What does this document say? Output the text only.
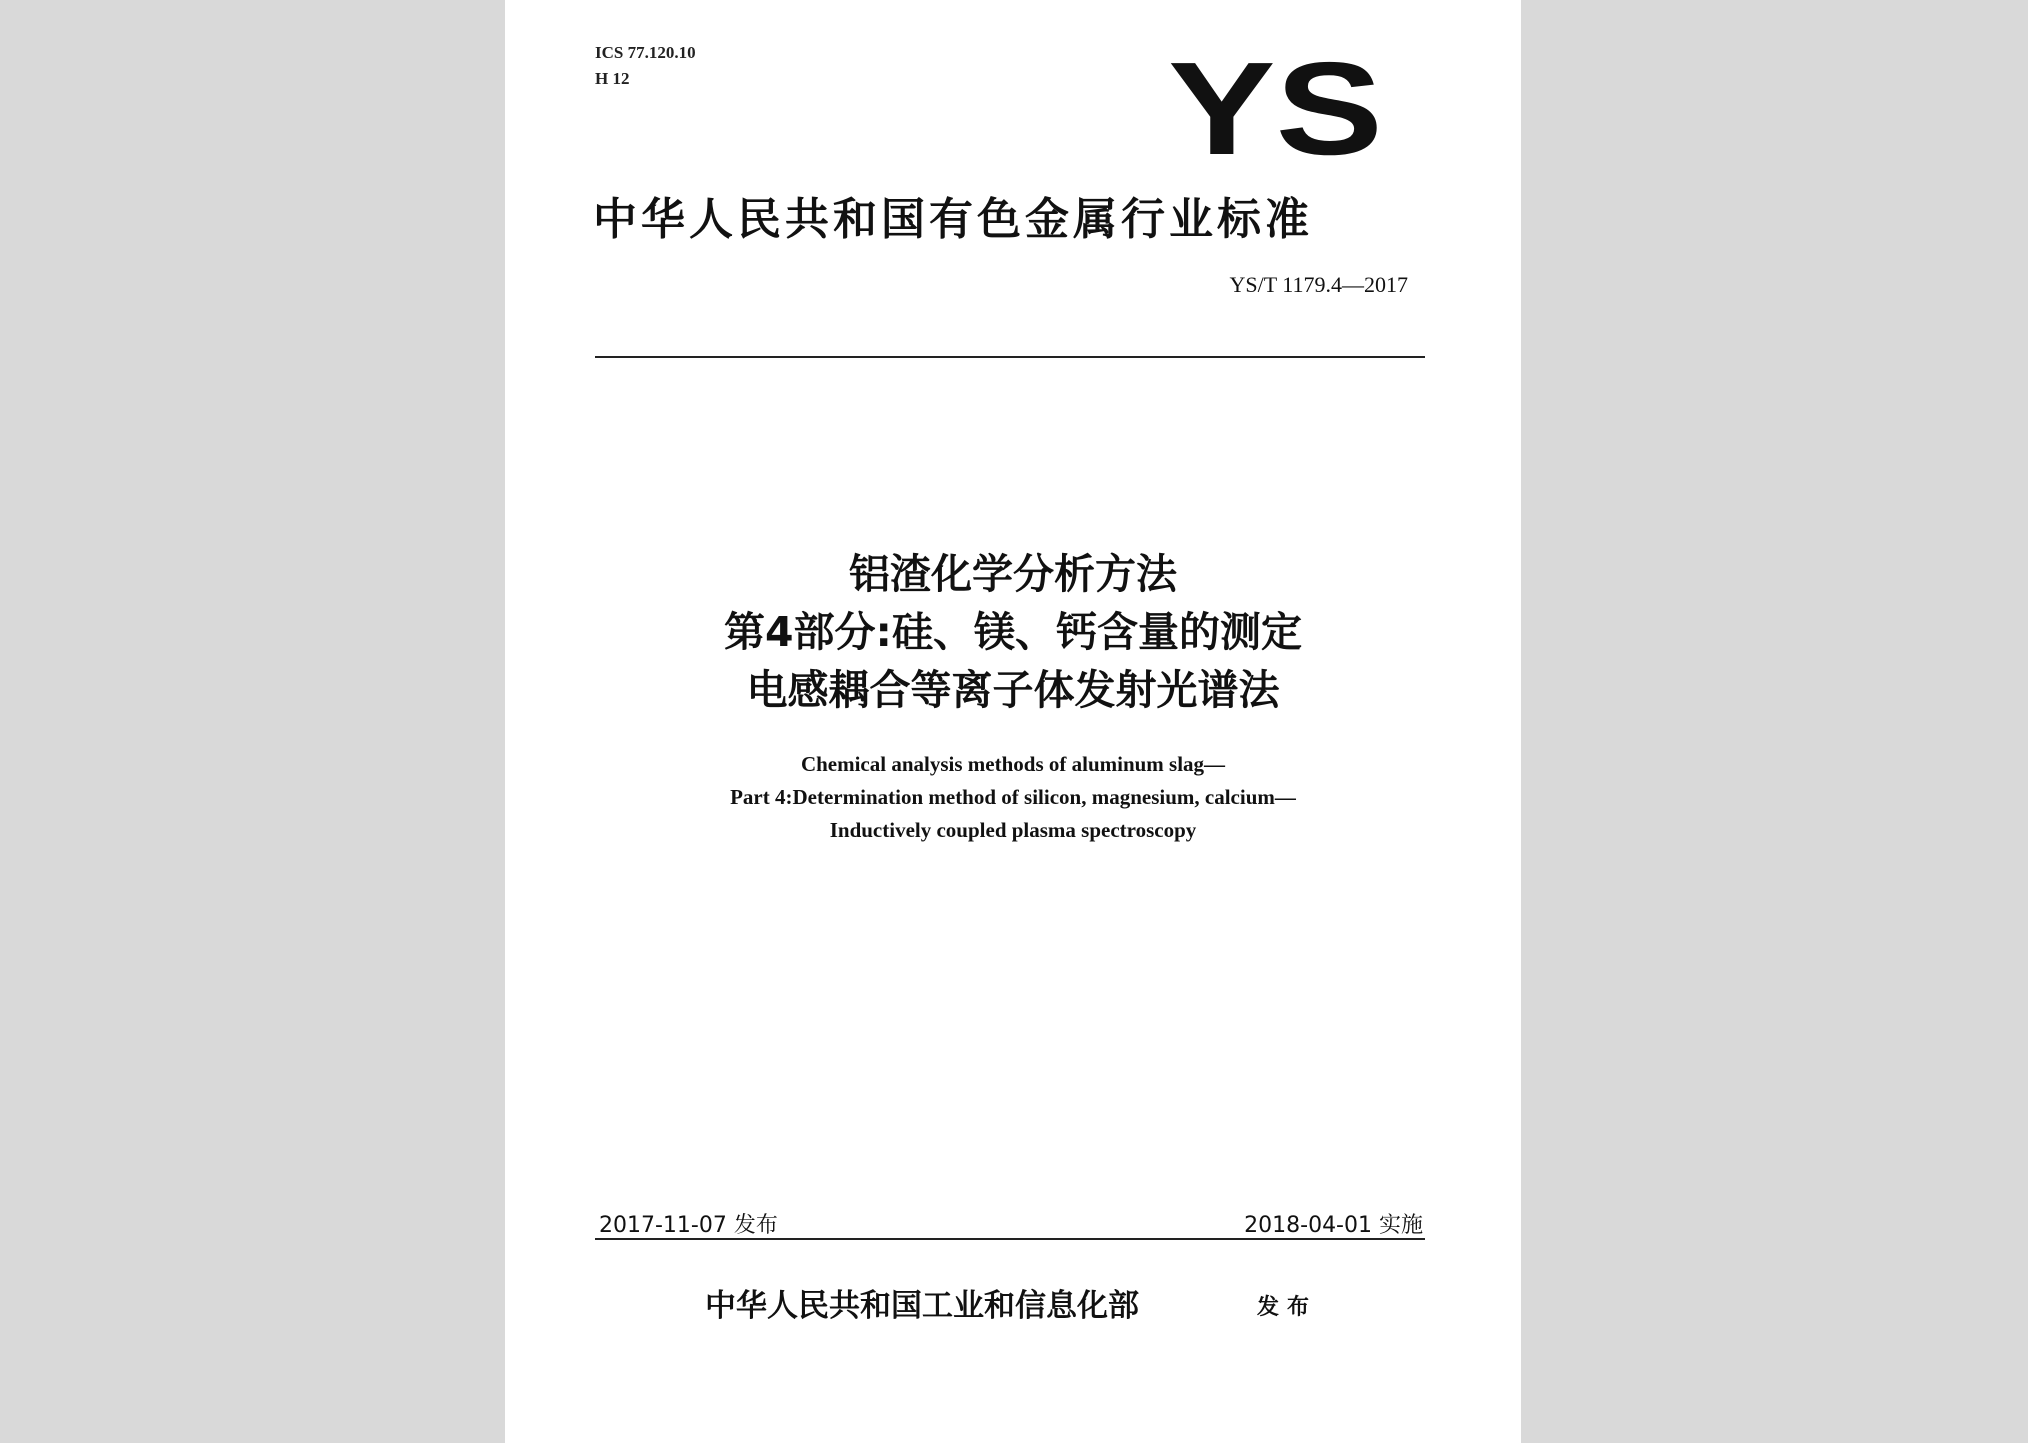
ICS 77.120.10
H 12	YS
中华人民共和国有色金属行业标准
YS/T 1179.4—2017
铝渣化学分析方法
第4部分:硅、镁、钙含量的测定
电感耦合等离子体发射光谱法
Chemical analysis methods of aluminum slag—
Part 4:Determination method of silicon, magnesium, calcium—
Inductively coupled plasma spectroscopy
2017-11-07 发布	2018-04-01 实施
中华人民共和国工业和信息化部	发布
